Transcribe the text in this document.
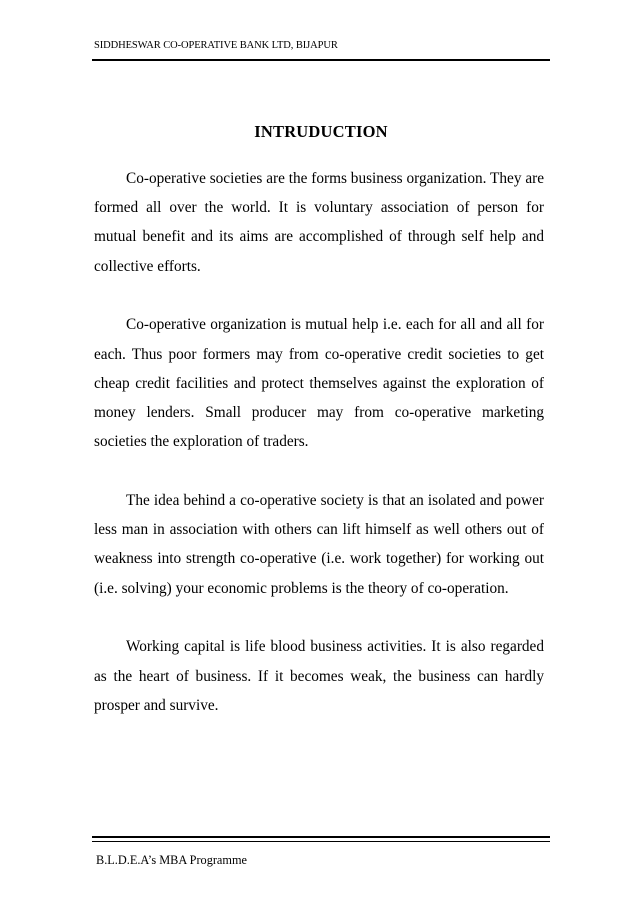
SIDDHESWAR CO-OPERATIVE BANK LTD, BIJAPUR
INTRUDUCTION

Co-operative societies are the forms business organization. They are formed all over the world. It is voluntary association of person for mutual benefit and its aims are accomplished of through self help and collective efforts.

Co-operative organization is mutual help i.e. each for all and all for each. Thus poor formers may from co-operative credit societies to get cheap credit facilities and protect themselves against the exploration of money lenders. Small producer may from co-operative marketing societies the exploration of traders.

The idea behind a co-operative society is that an isolated and power less man in association with others can lift himself as well others out of weakness into strength co-operative (i.e. work together) for working out (i.e. solving) your economic problems is the theory of co-operation.

Working capital is life blood business activities. It is also regarded as the heart of business. If it becomes weak, the business can hardly prosper and survive.

B.L.D.E.A’s MBA Programme
